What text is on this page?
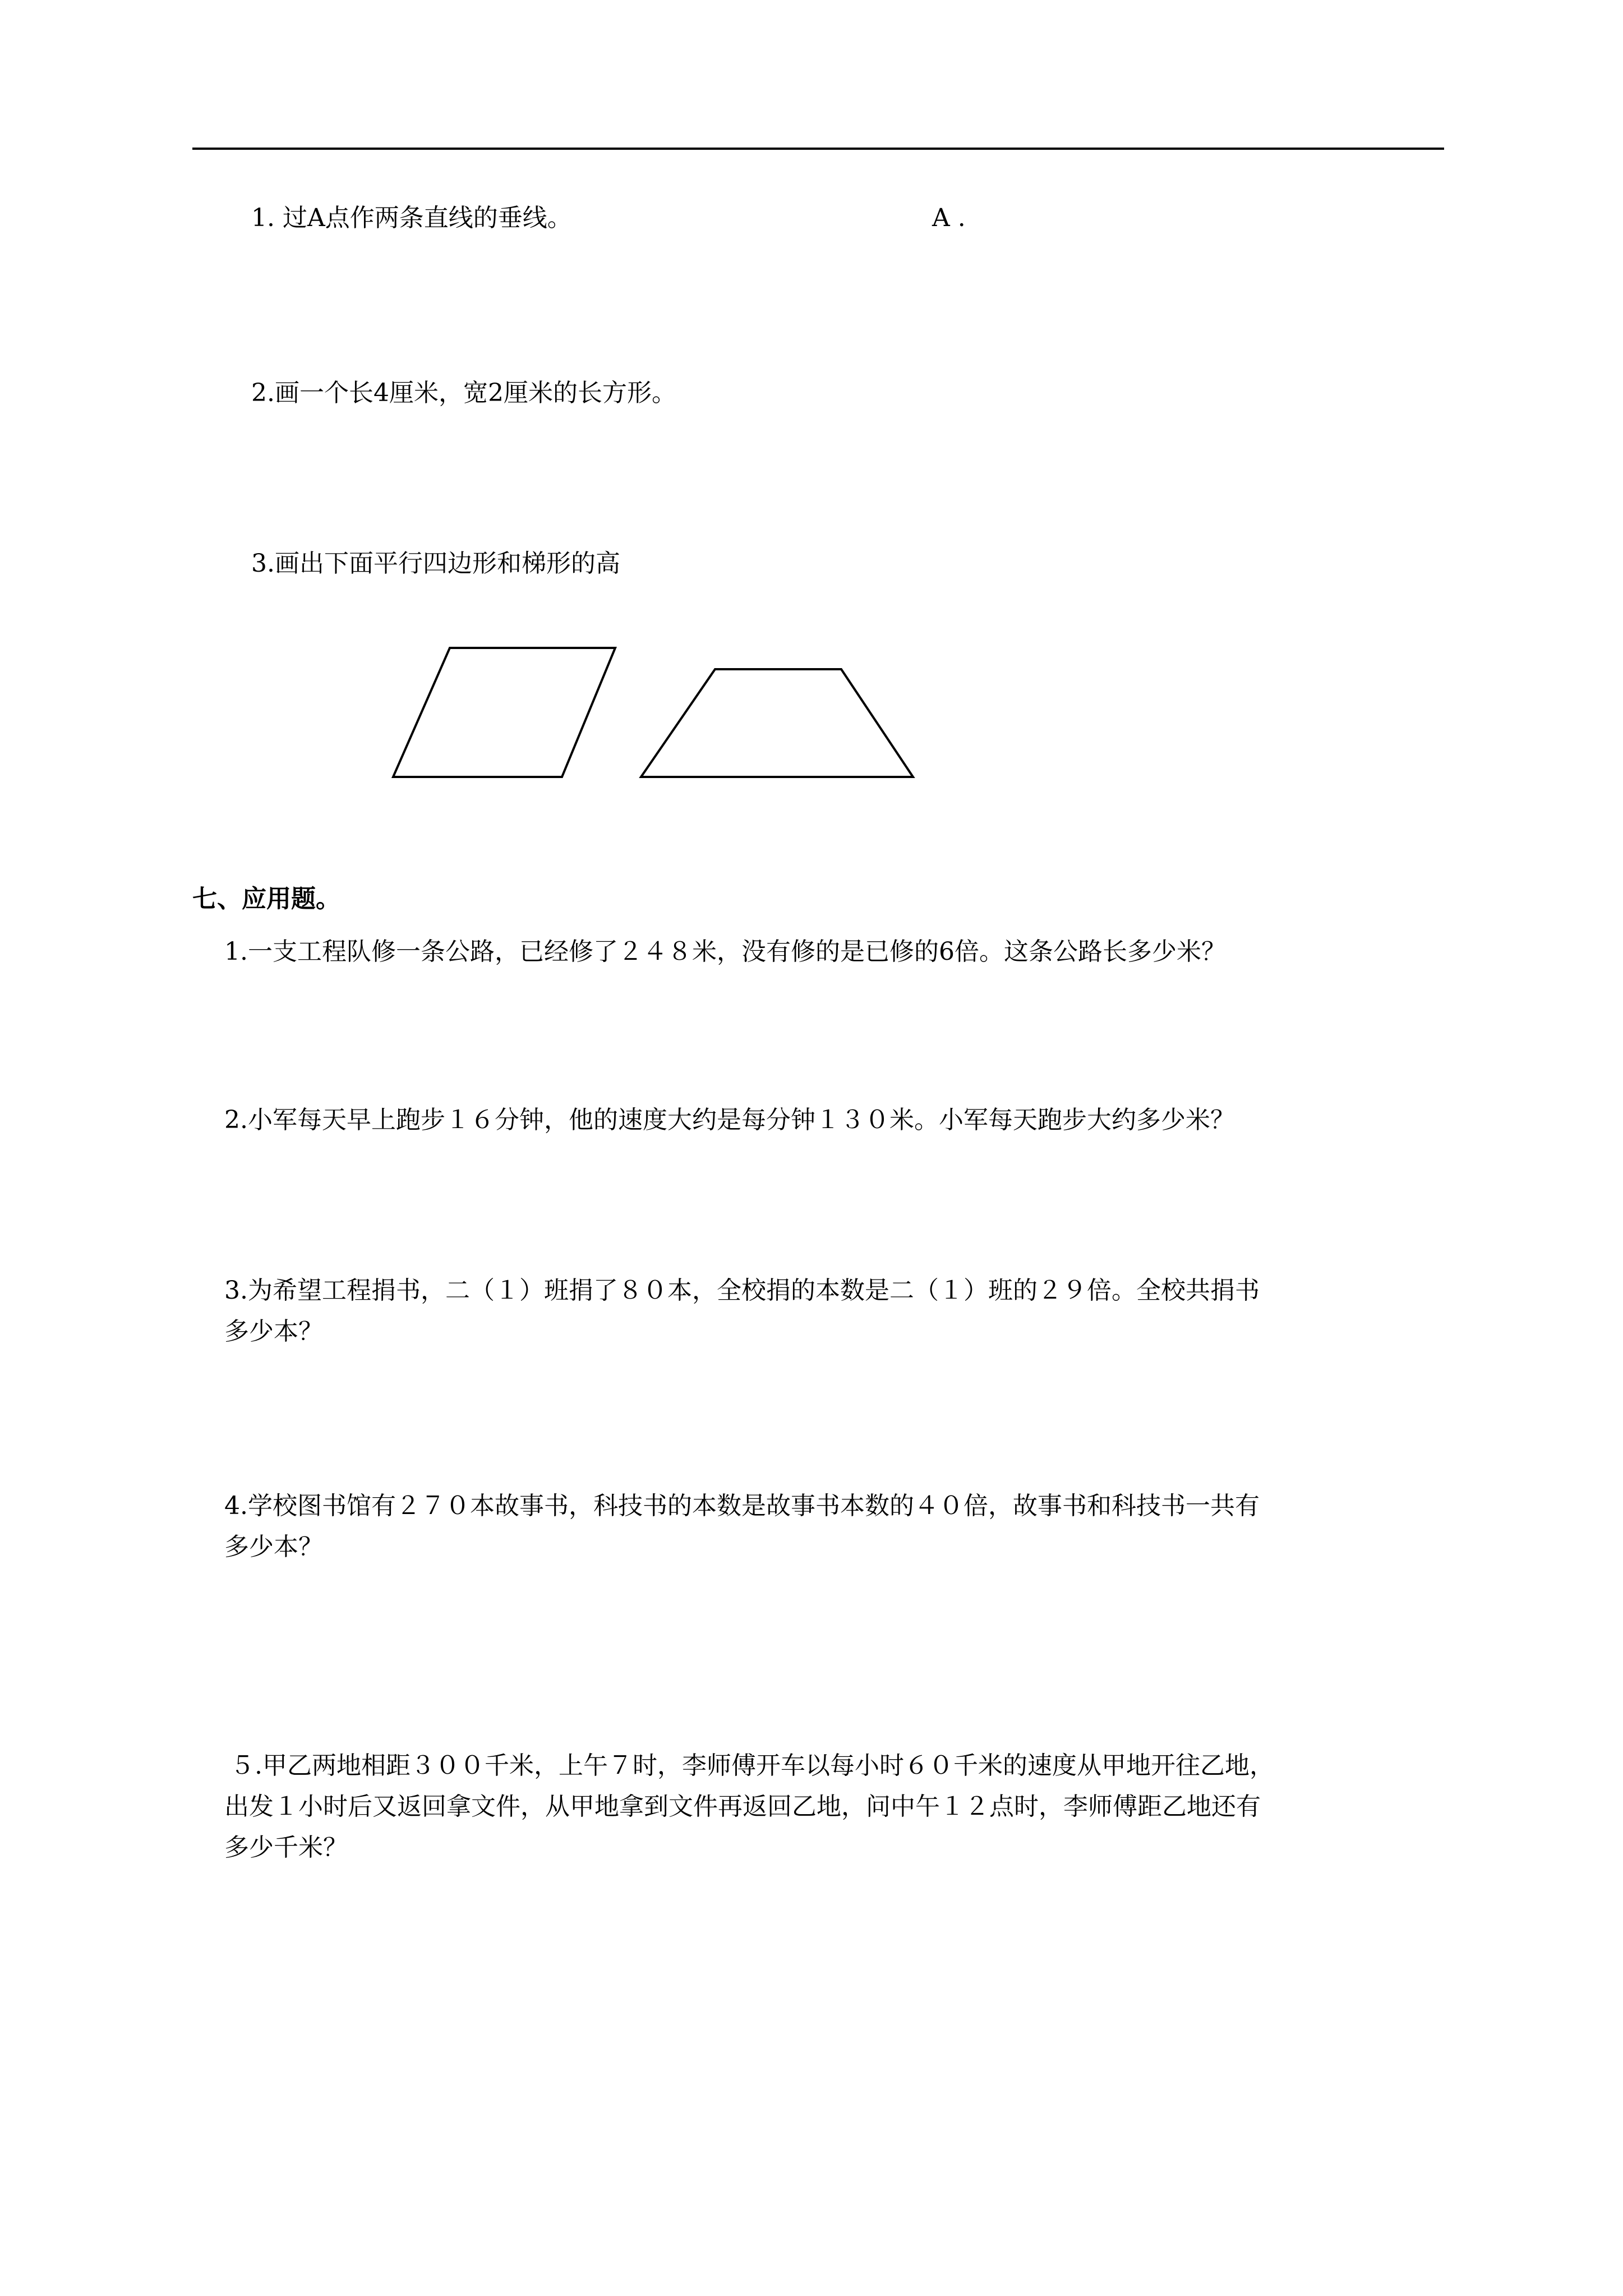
1. 过A点作两条直线的垂线。	A .
2.画一个长4厘米，宽2厘米的长方形。
3.画出下面平行四边形和梯形的高
七、应用题。
1.一支工程队修一条公路，已经修了２４８米，没有修的是已修的6倍。这条公路长多少米？
2.小军每天早上跑步１６分钟，他的速度大约是每分钟１３０米。小军每天跑步大约多少米？
3.为希望工程捐书，二（１）班捐了８０本，全校捐的本数是二（１）班的２９倍。全校共捐书
多少本？
4.学校图书馆有２７０本故事书，科技书的本数是故事书本数的４０倍，故事书和科技书一共有
多少本？
５.甲乙两地相距３００千米，上午７时，李师傅开车以每小时６０千米的速度从甲地开往乙地，
出发１小时后又返回拿文件，从甲地拿到文件再返回乙地，问中午１２点时，李师傅距乙地还有
多少千米？
